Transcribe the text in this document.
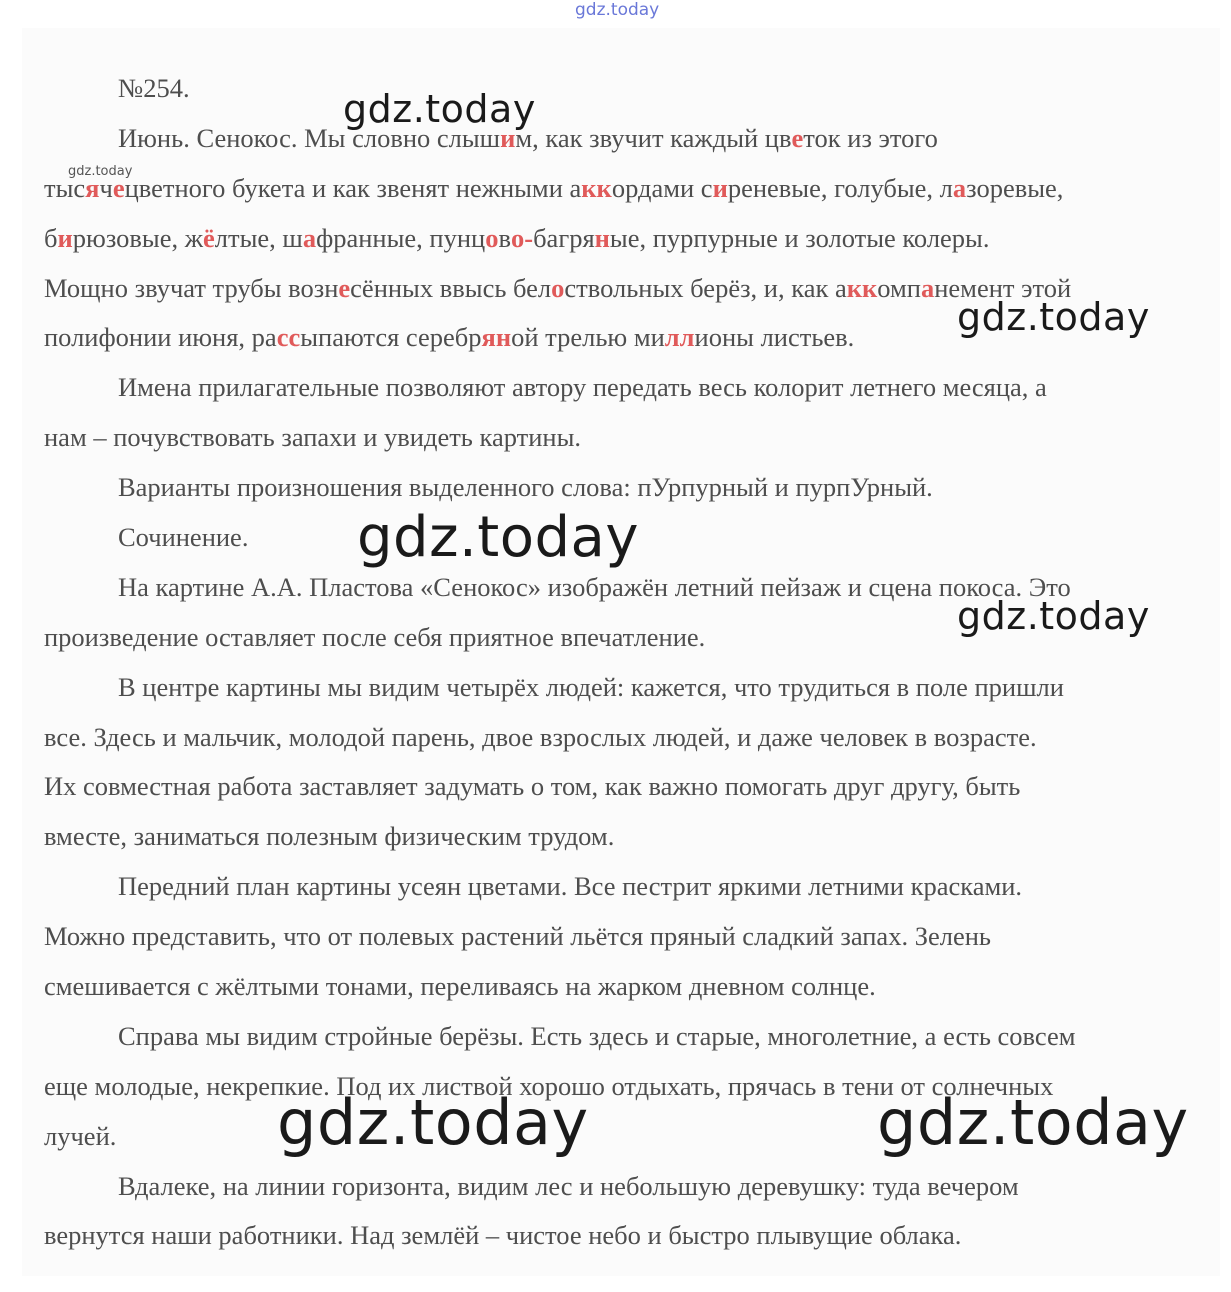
gdz.today
gdz.today
№254.
Июнь. Сенокос. Мы словно слышим, как звучит каждый цветок из этого
тысячецветного букета и как звенят нежными аккордами сиреневые, голубые, лазоревые,
бирюзовые, жёлтые, шафранные, пунцово-багряные, пурпурные и золотые колеры.
Мощно звучат трубы вознесённых ввысь белоствольных берёз, и, как аккомпанемент этой
полифонии июня, рассыпаются серебряной трелью миллионы листьев.
Имена прилагательные позволяют автору передать весь колорит летнего месяца, а
нам – почувствовать запахи и увидеть картины.
Варианты произношения выделенного слова: пУрпурный и пурпУрный.
Сочинение.
На картине А.А. Пластова «Сенокос» изображён летний пейзаж и сцена покоса. Это
произведение оставляет после себя приятное впечатление.
В центре картины мы видим четырёх людей: кажется, что трудиться в поле пришли
все. Здесь и мальчик, молодой парень, двое взрослых людей, и даже человек в возрасте.
Их совместная работа заставляет задумать о том, как важно помогать друг другу, быть
вместе, заниматься полезным физическим трудом.
Передний план картины усеян цветами. Все пестрит яркими летними красками.
Можно представить, что от полевых растений льётся пряный сладкий запах. Зелень
смешивается с жёлтыми тонами, переливаясь на жарком дневном солнце.
Справа мы видим стройные берёзы. Есть здесь и старые, многолетние, а есть совсем
еще молодые, некрепкие. Под их листвой хорошо отдыхать, прячась в тени от солнечных
лучей.
Вдалеке, на линии горизонта, видим лес и небольшую деревушку: туда вечером
вернутся наши работники. Над землёй – чистое небо и быстро плывущие облака.
gdz.today
gdz.today
gdz.today
gdz.today
gdz.today	gdz.today
